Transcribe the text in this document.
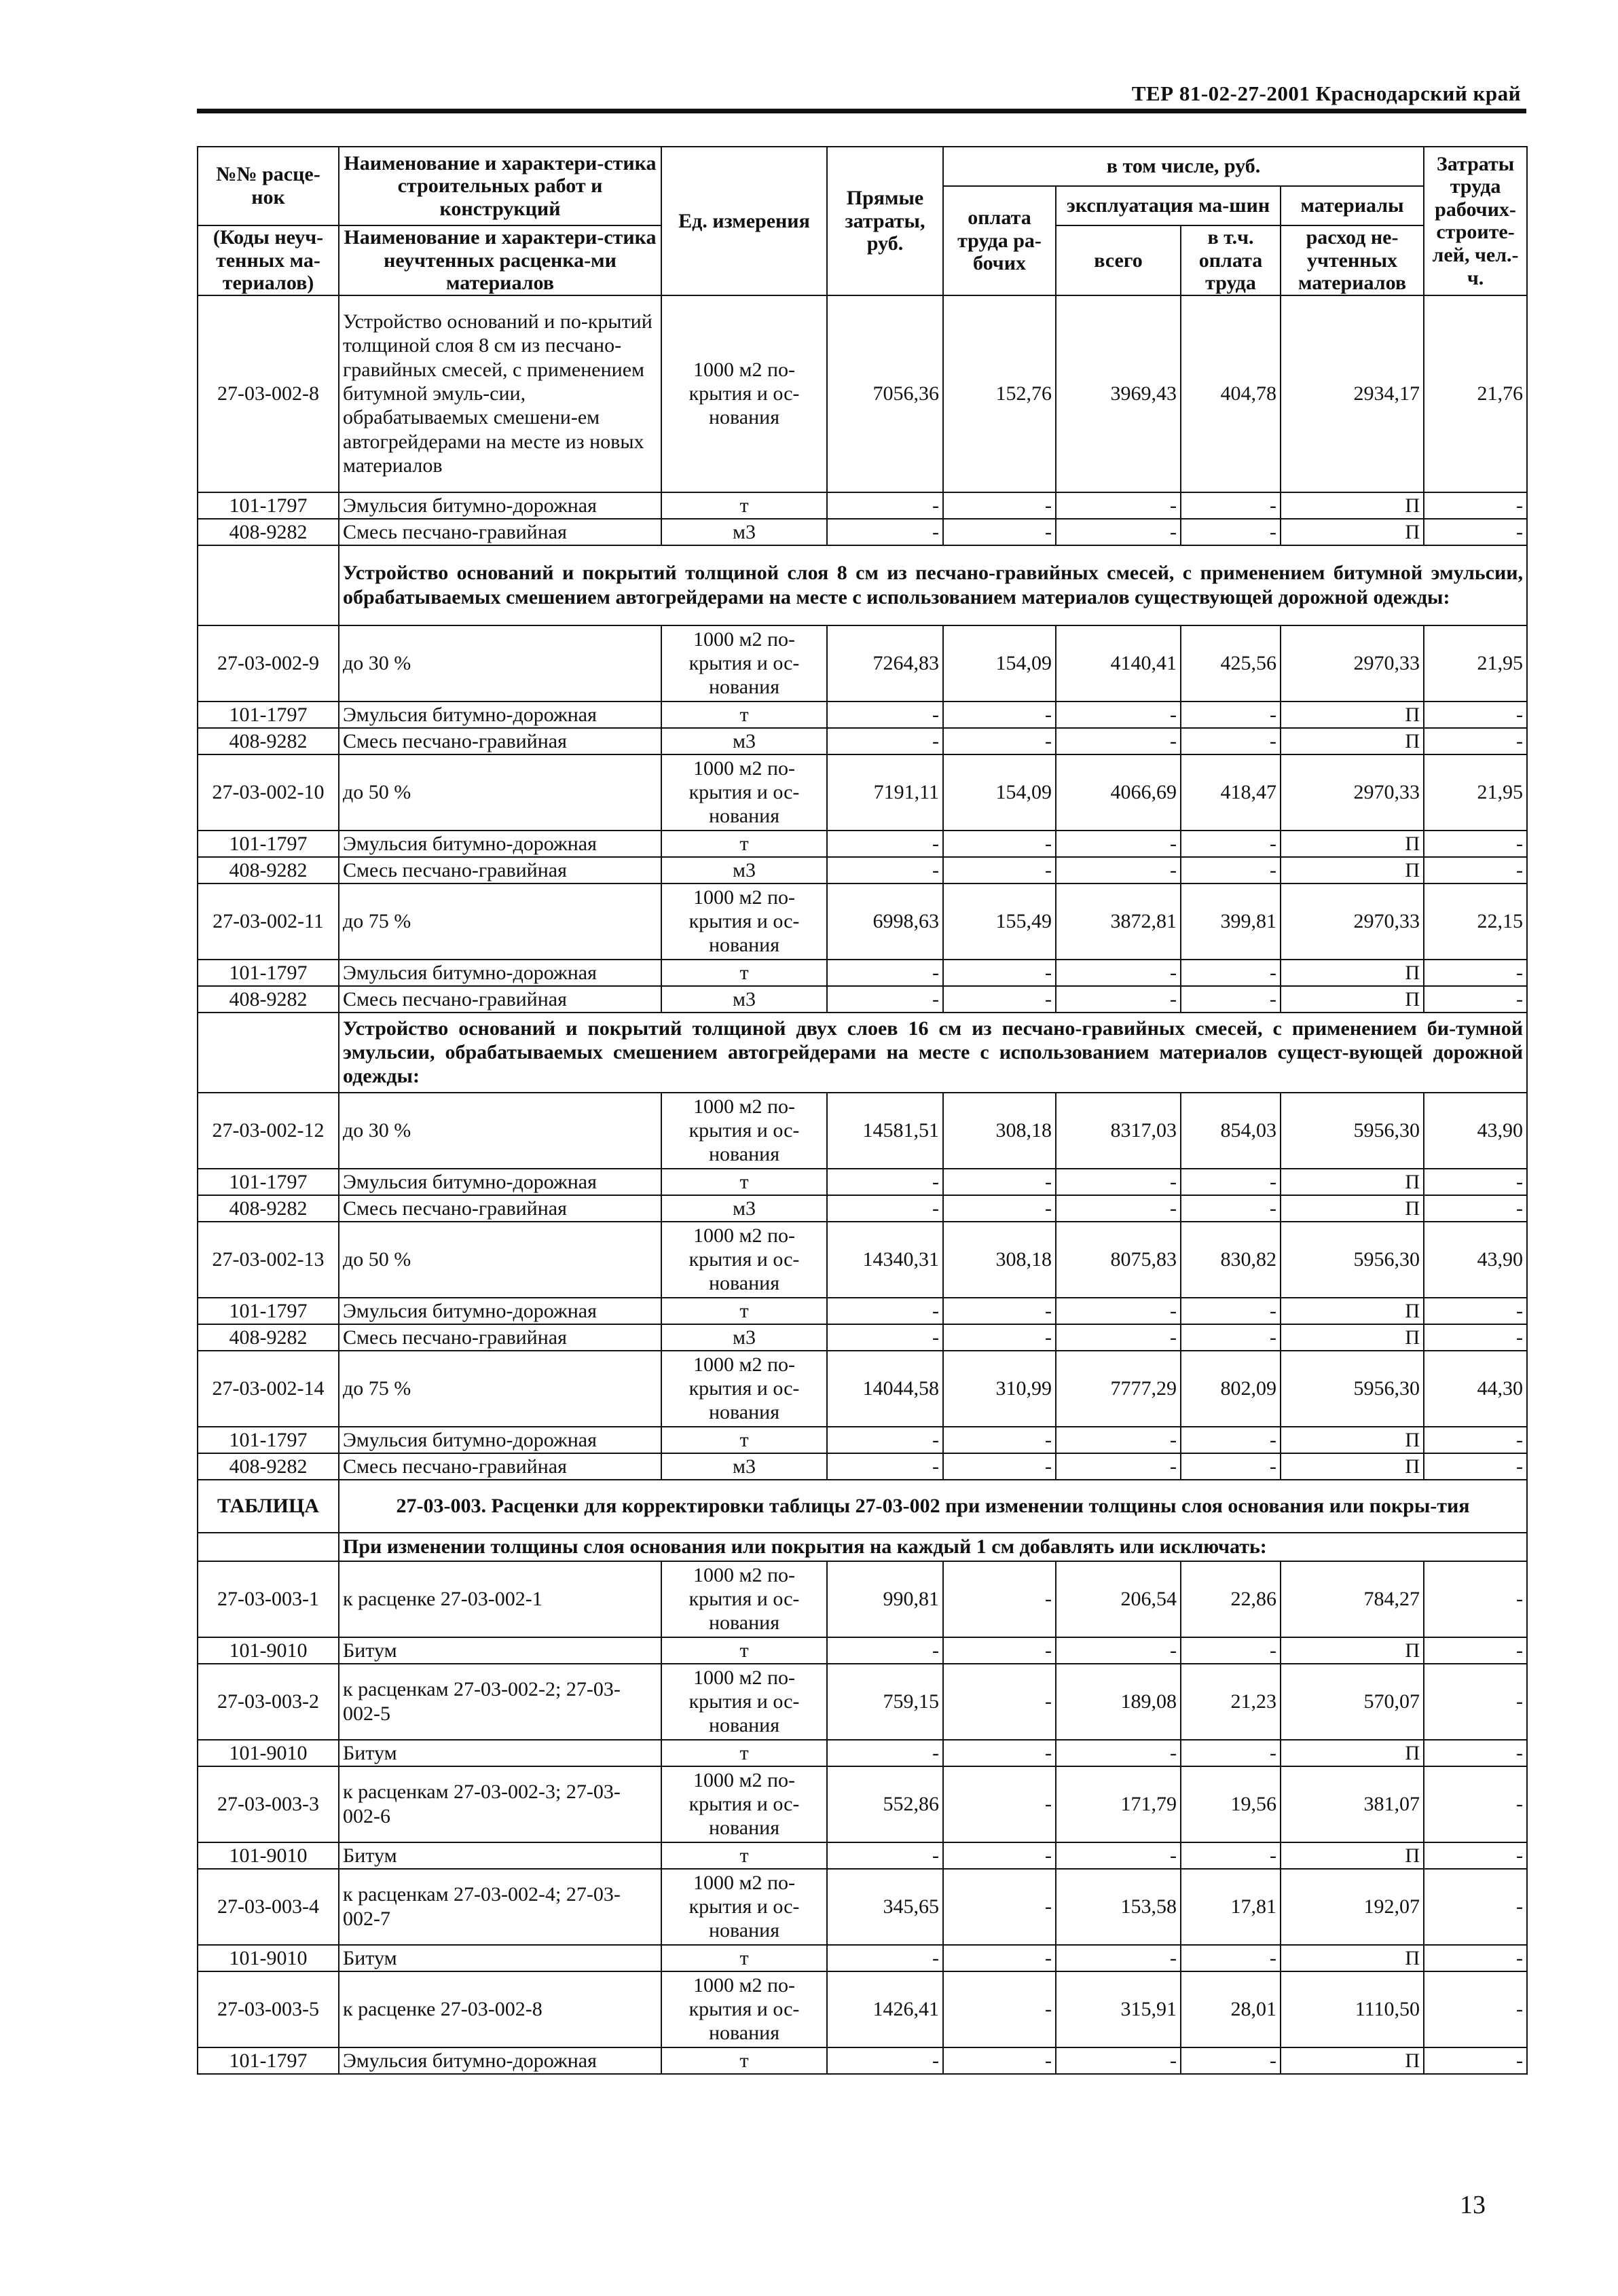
ТЕР 81-02-27-2001 Краснодарский край
№№ расце-нок	Наименование и характери-стика строительных работ и конструкций	Ед. измерения	Прямые затраты, руб.	в том числе, руб.				Затраты труда рабочих-строите-лей, чел.-ч.
				оплата труда ра-бочих	эксплуатация ма-шин		материалы	
(Коды неуч-тенных ма-териалов)	Наименование и характери-стика неучтенных расценка-ми материалов				всего	в т.ч. оплата труда	расход не-учтенных материалов	

27-03-002-8	Устройство оснований и по-крытий толщиной слоя 8 см из песчано-гравийных смесей, с применением битумной эмуль-сии, обрабатываемых смешени-ем автогрейдерами на месте из новых материалов	1000 м2 по-крытия и ос-нования	7056,36	152,76	3969,43	404,78	2934,17	21,76
101-1797	Эмульсия битумно-дорожная	т	-	-	-	-	П	-
408-9282	Смесь песчано-гравийная	м3	-	-	-	-	П	-
	Устройство оснований и покрытий толщиной слоя 8 см из песчано-гравийных смесей, с применением битумной эмульсии, обрабатываемых смешением автогрейдерами на месте с использованием материалов существующей дорожной одежды:							
27-03-002-9	до 30 %	1000 м2 по-крытия и ос-нования	7264,83	154,09	4140,41	425,56	2970,33	21,95
101-1797	Эмульсия битумно-дорожная	т	-	-	-	-	П	-
408-9282	Смесь песчано-гравийная	м3	-	-	-	-	П	-
27-03-002-10	до 50 %	1000 м2 по-крытия и ос-нования	7191,11	154,09	4066,69	418,47	2970,33	21,95
101-1797	Эмульсия битумно-дорожная	т	-	-	-	-	П	-
408-9282	Смесь песчано-гравийная	м3	-	-	-	-	П	-
27-03-002-11	до 75 %	1000 м2 по-крытия и ос-нования	6998,63	155,49	3872,81	399,81	2970,33	22,15
101-1797	Эмульсия битумно-дорожная	т	-	-	-	-	П	-
408-9282	Смесь песчано-гравийная	м3	-	-	-	-	П	-
	Устройство оснований и покрытий толщиной двух слоев 16 см из песчано-гравийных смесей, с применением би-тумной эмульсии, обрабатываемых смешением автогрейдерами на месте с использованием материалов сущест-вующей дорожной одежды:							
27-03-002-12	до 30 %	1000 м2 по-крытия и ос-нования	14581,51	308,18	8317,03	854,03	5956,30	43,90
101-1797	Эмульсия битумно-дорожная	т	-	-	-	-	П	-
408-9282	Смесь песчано-гравийная	м3	-	-	-	-	П	-
27-03-002-13	до 50 %	1000 м2 по-крытия и ос-нования	14340,31	308,18	8075,83	830,82	5956,30	43,90
101-1797	Эмульсия битумно-дорожная	т	-	-	-	-	П	-
408-9282	Смесь песчано-гравийная	м3	-	-	-	-	П	-
27-03-002-14	до 75 %	1000 м2 по-крытия и ос-нования	14044,58	310,99	7777,29	802,09	5956,30	44,30
101-1797	Эмульсия битумно-дорожная	т	-	-	-	-	П	-
408-9282	Смесь песчано-гравийная	м3	-	-	-	-	П	-
ТАБЛИЦА	27-03-003. Расценки для корректировки таблицы 27-03-002 при изменении толщины слоя основания или покры-тия							
	При изменении толщины слоя основания или покрытия на каждый 1 см добавлять или исключать:							
27-03-003-1	к расценке 27-03-002-1	1000 м2 по-крытия и ос-нования	990,81	-	206,54	22,86	784,27	-
101-9010	Битум	т	-	-	-	-	П	-
27-03-003-2	к расценкам 27-03-002-2; 27-03-002-5	1000 м2 по-крытия и ос-нования	759,15	-	189,08	21,23	570,07	-
101-9010	Битум	т	-	-	-	-	П	-
27-03-003-3	к расценкам 27-03-002-3; 27-03-002-6	1000 м2 по-крытия и ос-нования	552,86	-	171,79	19,56	381,07	-
101-9010	Битум	т	-	-	-	-	П	-
27-03-003-4	к расценкам 27-03-002-4; 27-03-002-7	1000 м2 по-крытия и ос-нования	345,65	-	153,58	17,81	192,07	-
101-9010	Битум	т	-	-	-	-	П	-
27-03-003-5	к расценке 27-03-002-8	1000 м2 по-крытия и ос-нования	1426,41	-	315,91	28,01	1110,50	-
101-1797	Эмульсия битумно-дорожная	т	-	-	-	-	П	-
13
